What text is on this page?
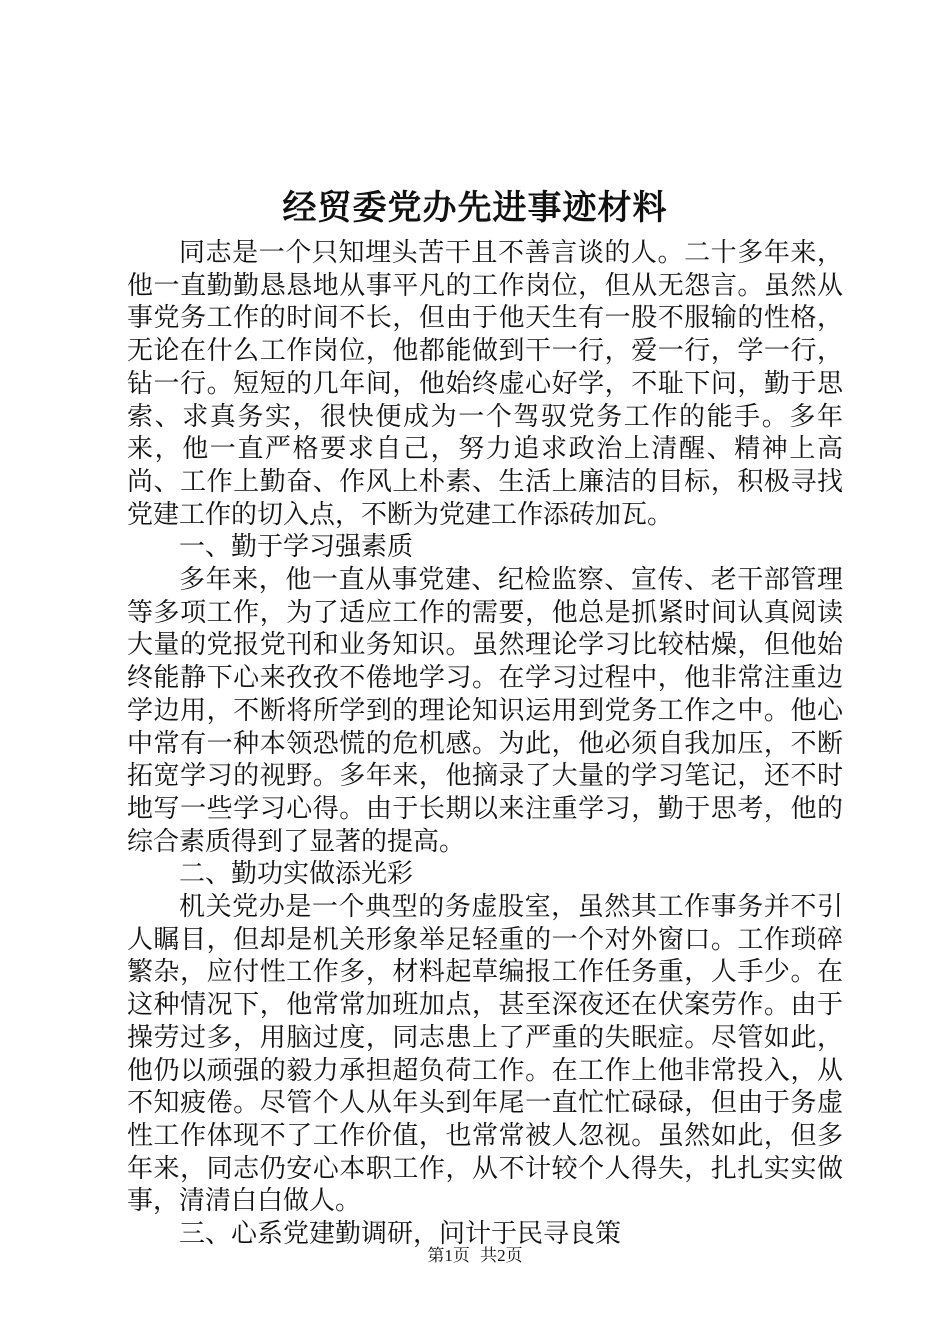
经贸委党办先进事迹材料

同志是一个只知埋头苦干且不善言谈的人。二十多年来，他一直勤勤恳恳地从事平凡的工作岗位，但从无怨言。虽然从事党务工作的时间不长，但由于他天生有一股不服输的性格，无论在什么工作岗位，他都能做到干一行，爱一行，学一行，钻一行。短短的几年间，他始终虚心好学，不耻下问，勤于思索、求真务实，很快便成为一个驾驭党务工作的能手。多年来，他一直严格要求自己，努力追求政治上清醒、精神上高尚、工作上勤奋、作风上朴素、生活上廉洁的目标，积极寻找党建工作的切入点，不断为党建工作添砖加瓦。

一、勤于学习强素质

多年来，他一直从事党建、纪检监察、宣传、老干部管理等多项工作，为了适应工作的需要，他总是抓紧时间认真阅读大量的党报党刊和业务知识。虽然理论学习比较枯燥，但他始终能静下心来孜孜不倦地学习。在学习过程中，他非常注重边学边用，不断将所学到的理论知识运用到党务工作之中。他心中常有一种本领恐慌的危机感。为此，他必须自我加压，不断拓宽学习的视野。多年来，他摘录了大量的学习笔记，还不时地写一些学习心得。由于长期以来注重学习，勤于思考，他的综合素质得到了显著的提高。

二、勤功实做添光彩

机关党办是一个典型的务虚股室，虽然其工作事务并不引人瞩目，但却是机关形象举足轻重的一个对外窗口。工作琐碎繁杂，应付性工作多，材料起草编报工作任务重，人手少。在这种情况下，他常常加班加点，甚至深夜还在伏案劳作。由于操劳过多，用脑过度，同志患上了严重的失眠症。尽管如此，他仍以顽强的毅力承担超负荷工作。在工作上他非常投入，从不知疲倦。尽管个人从年头到年尾一直忙忙碌碌，但由于务虚性工作体现不了工作价值，也常常被人忽视。虽然如此，但多年来，同志仍安心本职工作，从不计较个人得失，扎扎实实做事，清清白白做人。

三、心系党建勤调研，问计于民寻良策

第1页 共2页
